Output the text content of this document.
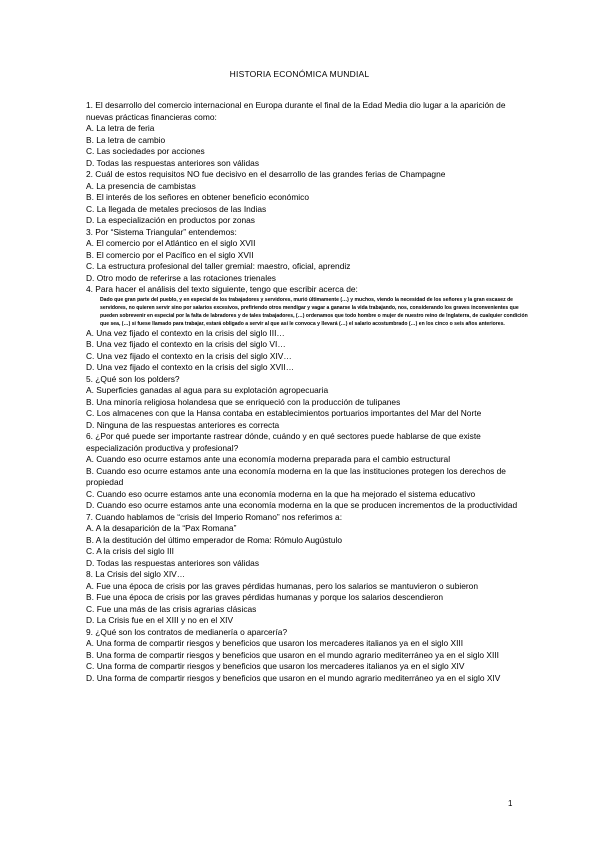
HISTORIA ECONÓMICA MUNDIAL
1. El desarrollo del comercio internacional en Europa durante el final de la Edad Media dio lugar a la aparición de nuevas prácticas financieras como:
A. La letra de feria
B. La letra de cambio
C. Las sociedades por acciones
D. Todas las respuestas anteriores son válidas
2. Cuál de estos requisitos NO fue decisivo en el desarrollo de las grandes ferias de Champagne
A. La presencia de cambistas
B. El interés de los señores en obtener beneficio económico
C. La llegada de metales preciosos de las Indias
D. La especialización en productos por zonas
3. Por “Sistema Triangular” entendemos:
A. El comercio por el Atlántico en el siglo XVII
B. El comercio por el Pacífico en el siglo XVII
C. La estructura profesional del taller gremial: maestro, oficial, aprendiz
D. Otro modo de referirse a las rotaciones trienales
4. Para hacer el análisis del texto siguiente, tengo que escribir acerca de:
Dado que gran parte del pueblo, y en especial de los trabajadores y servidores, murió últimamente (…) y muchos, viendo la necesidad de los señores y la gran escasez de servidores, no quieren servir sino por salarios excesivos, prefiriendo otros mendigar y vagar a ganarse la vida trabajando, nos, considerando los graves inconvenientes que pueden sobrevenir en especial por la falta de labradores y de tales trabajadores, (…) ordenamos que todo hombre o mujer de nuestro reino de Inglaterra, de cualquier condición que sea, (…) si fuese llamado para trabajar, estará obligado a servir al que así le convoca y llevará (…) el salario acostumbrado (…) en los cinco o seis años anteriores.
A. Una vez fijado el contexto en la crisis del siglo III…
B. Una vez fijado el contexto en la crisis del siglo VI…
C. Una vez fijado el contexto en la crisis del siglo XIV…
D. Una vez fijado el contexto en la crisis del siglo XVII…
5. ¿Qué son los polders?
A. Superficies ganadas al agua para su explotación agropecuaria
B. Una minoría religiosa holandesa que se enriqueció con la producción de tulipanes
C. Los almacenes con que la Hansa contaba en establecimientos portuarios importantes del Mar del Norte
D. Ninguna de las respuestas anteriores es correcta
6. ¿Por qué puede ser importante rastrear dónde, cuándo y en qué sectores puede hablarse de que existe especialización productiva y profesional?
A. Cuando eso ocurre estamos ante una economía moderna preparada para el cambio estructural
B. Cuando eso ocurre estamos ante una economía moderna en la que las instituciones protegen los derechos de propiedad
C. Cuando eso ocurre estamos ante una economía moderna en la que ha mejorado el sistema educativo
D. Cuando eso ocurre estamos ante una economía moderna en la que se producen incrementos de la productividad
7. Cuando hablamos de “crisis del Imperio Romano” nos referimos a:
A. A la desaparición de la “Pax Romana”
B. A la destitución del último emperador de Roma: Rómulo Augústulo
C. A la crisis del siglo III
D. Todas las respuestas anteriores son válidas
8. La Crisis del siglo XIV…
A. Fue una época de crisis por las graves pérdidas humanas, pero los salarios se mantuvieron o subieron
B. Fue una época de crisis por las graves pérdidas humanas y porque los salarios descendieron
C. Fue una más de las crisis agrarias clásicas
D. La Crisis fue en el XIII y no en el XIV
9. ¿Qué son los contratos de medianería o aparcería?
A. Una forma de compartir riesgos y beneficios que usaron los mercaderes italianos ya en el siglo XIII
B. Una forma de compartir riesgos y beneficios que usaron en el mundo agrario mediterráneo ya en el siglo XIII
C. Una forma de compartir riesgos y beneficios que usaron los mercaderes italianos ya en el siglo XIV
D. Una forma de compartir riesgos y beneficios que usaron en el mundo agrario mediterráneo ya en el siglo XIV
1
